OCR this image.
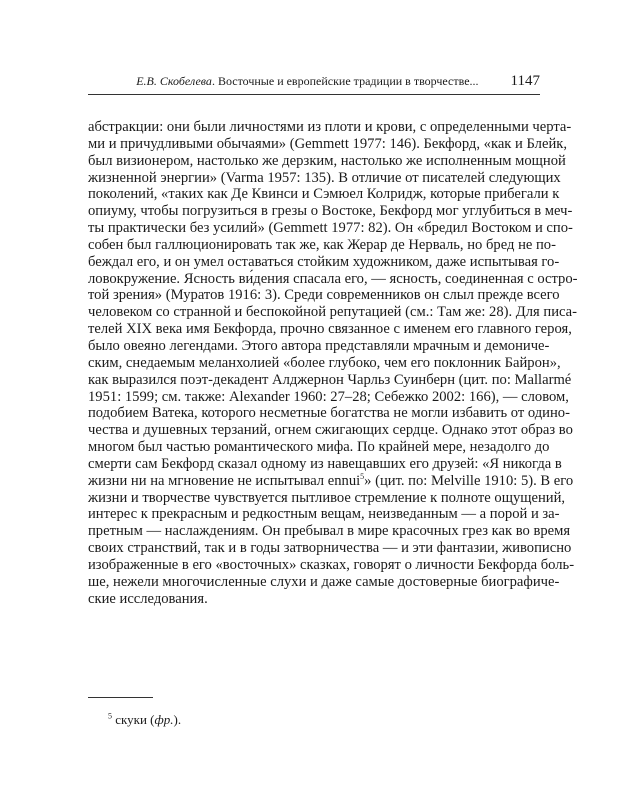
Е.В. Скобелева. Восточные и европейские традиции в творчестве... 1147
абстракции: они были личностями из плоти и крови, с определенными черта-
ми и причудливыми обычаями» (Gemmett 1977: 146). Бекфорд, «как и Блейк,
был визионером, настолько же дерзким, настолько же исполненным мощной
жизненной энергии» (Varma 1957: 135). В отличие от писателей следующих
поколений, «таких как Де Квинси и Сэмюел Колридж, которые прибегали к
опиуму, чтобы погрузиться в грезы о Востоке, Бекфорд мог углубиться в меч-
ты практически без усилий» (Gemmett 1977: 82). Он «бредил Востоком и спо-
собен был галлюционировать так же, как Жерар де Нерваль, но бред не по-
беждал его, и он умел оставаться стойким художником, даже испытывая го-
ловокружение. Ясность ви́дения спасала его, — ясность, соединенная с остро-
той зрения» (Муратов 1916: 3). Среди современников он слыл прежде всего
человеком со странной и беспокойной репутацией (см.: Там же: 28). Для писа-
телей XIX века имя Бекфорда, прочно связанное с именем его главного героя,
было овеяно легендами. Этого автора представляли мрачным и демониче-
ским, снедаемым меланхолией «более глубоко, чем его поклонник Байрон»,
как выразился поэт-декадент Алджернон Чарльз Суинберн (цит. по: Mallarmé
1951: 1599; см. также: Alexander 1960: 27–28; Себежко 2002: 166), — словом,
подобием Ватека, которого несметные богатства не могли избавить от одино-
чества и душевных терзаний, огнем сжигающих сердце. Однако этот образ во
многом был частью романтического мифа. По крайней мере, незадолго до
смерти сам Бекфорд сказал одному из навещавших его друзей: «Я никогда в
жизни ни на мгновение не испытывал ennui$^5$» (цит. по: Melville 1910: 5). В его
жизни и творчестве чувствуется пытливое стремление к полноте ощущений,
интерес к прекрасным и редкостным вещам, неизведанным — а порой и за-
претным — наслаждениям. Он пребывал в мире красочных грез как во время
своих странствий, так и в годы затворничества — и эти фантазии, живописно
изображенные в его «восточных» сказках, говорят о личности Бекфорда боль-
ше, нежели многочисленные слухи и даже самые достоверные биографиче-
ские исследования.
$^5$ скуки (фр.).
